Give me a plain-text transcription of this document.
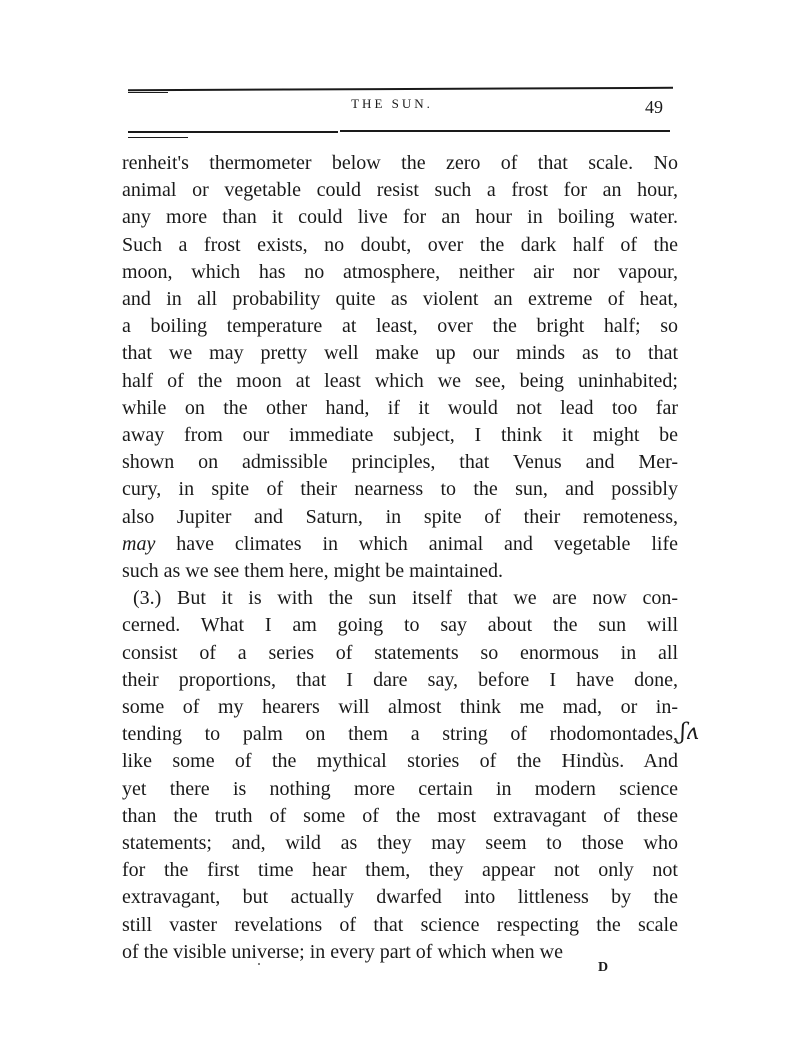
THE SUN.	49
renheit's thermometer below the zero of that scale. No
animal or vegetable could resist such a frost for an hour,
any more than it could live for an hour in boiling water.
Such a frost exists, no doubt, over the dark half of the
moon, which has no atmosphere, neither air nor vapour,
and in all probability quite as violent an extreme of heat,
a boiling temperature at least, over the bright half; so
that we may pretty well make up our minds as to that
half of the moon at least which we see, being uninhabited;
while on the other hand, if it would not lead too far
away from our immediate subject, I think it might be
shown on admissible principles, that Venus and Mer-
cury, in spite of their nearness to the sun, and possibly
also Jupiter and Saturn, in spite of their remoteness,
may have climates in which animal and vegetable life
such as we see them here, might be maintained.
(3.) But it is with the sun itself that we are now con-
cerned. What I am going to say about the sun will
consist of a series of statements so enormous in all
their proportions, that I dare say, before I have done,
some of my hearers will almost think me mad, or in-
tending to palm on them a string of rhodomontades,
like some of the mythical stories of the Hindùs. And
yet there is nothing more certain in modern science
than the truth of some of the most extravagant of these
statements; and, wild as they may seem to those who
for the first time hear them, they appear not only not
extravagant, but actually dwarfed into littleness by the
still vaster revelations of that science respecting the scale
of the visible universe; in every part of which when we
ʃʌ
D
